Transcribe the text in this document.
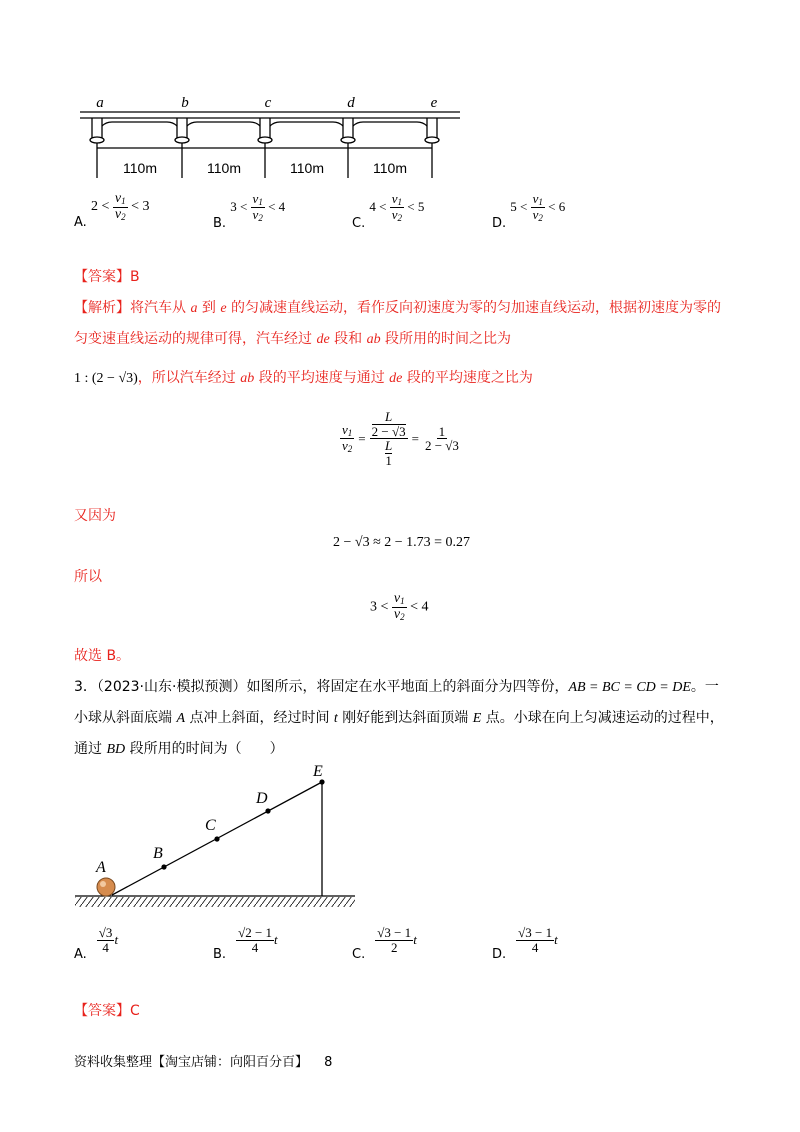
a	b	c	d	e
110m	110m	110m	110m
A. $2 < \frac{v_1}{v_2} < 3$
B. $3 < \frac{v_1}{v_2} < 4$
C. $4 < \frac{v_1}{v_2} < 5$
D. $5 < \frac{v_1}{v_2} < 6$
【答案】B
【解析】将汽车从 a 到 e 的匀减速直线运动，看作反向初速度为零的匀加速直线运动，根据初速度为零的
匀变速直线运动的规律可得，汽车经过 de 段和 ab 段所用的时间之比为
1 : (2 − √3)，所以汽车经过 ab 段的平均速度与通过 de 段的平均速度之比为
$\frac{v_1}{v_2} = L$
2 − √3
L
$1 = \frac{1}{2 - √3}$
又因为
2 − √3 ≈ 2 − 1.73 = 0.27
所以
$3 < \frac{v_1}{v_2} < 4$
故选 B。
3．（2023·山东·模拟预测）如图所示，将固定在水平地面上的斜面分为四等份，AB = BC = CD = DE。一
小球从斜面底端 A 点冲上斜面，经过时间 t 刚好能到达斜面顶端 E 点。小球在向上匀减速运动的过程中，
通过 BD 段所用的时间为（　　）
A
B
C
D
E
A. $\frac{√3}{4}$ t
B. $\frac{√2 - 1}{4}$ t
C. $\frac{√3 - 1}{2}$ t
D. $\frac{√3 - 1}{4}$ t
【答案】C
资料收集整理【淘宝店铺：向阳百分百】 8
